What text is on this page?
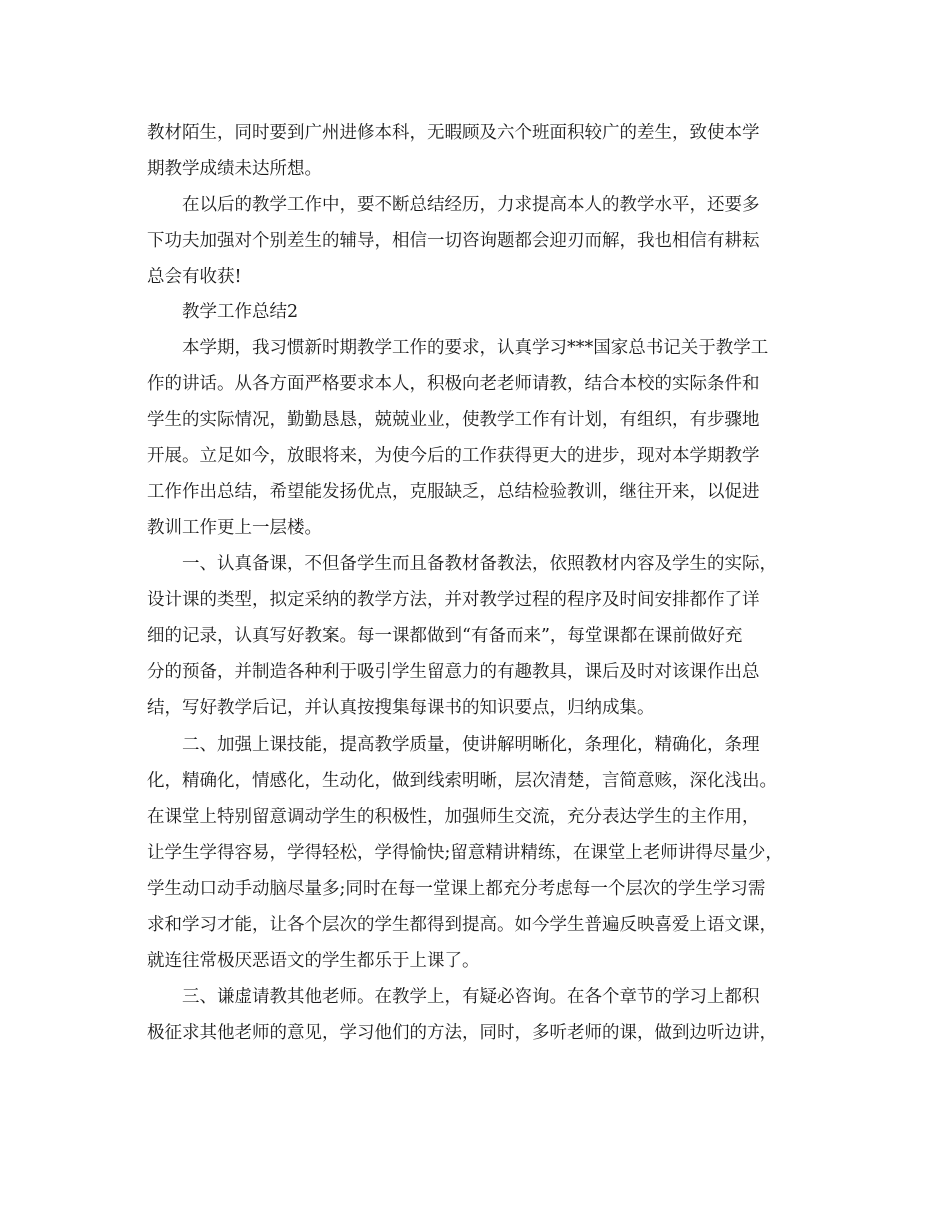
教材陌生，同时要到广州进修本科，无暇顾及六个班面积较广的差生，致使本学
期教学成绩未达所想。
在以后的教学工作中，要不断总结经历，力求提高本人的教学水平，还要多
下功夫加强对个别差生的辅导，相信一切咨询题都会迎刃而解，我也相信有耕耘
总会有收获!
教学工作总结2
本学期，我习惯新时期教学工作的要求，认真学习***国家总书记关于教学工
作的讲话。从各方面严格要求本人，积极向老老师请教，结合本校的实际条件和
学生的实际情况，勤勤恳恳，兢兢业业，使教学工作有计划，有组织，有步骤地
开展。立足如今，放眼将来，为使今后的工作获得更大的进步，现对本学期教学
工作作出总结，希望能发扬优点，克服缺乏，总结检验教训，继往开来，以促进
教训工作更上一层楼。
一、认真备课，不但备学生而且备教材备教法，依照教材内容及学生的实际，
设计课的类型，拟定采纳的教学方法，并对教学过程的程序及时间安排都作了详
细的记录，认真写好教案。每一课都做到“有备而来”，每堂课都在课前做好充
分的预备，并制造各种利于吸引学生留意力的有趣教具，课后及时对该课作出总
结，写好教学后记，并认真按搜集每课书的知识要点，归纳成集。
二、加强上课技能，提高教学质量，使讲解明晰化，条理化，精确化，条理
化，精确化，情感化，生动化，做到线索明晰，层次清楚，言简意赅，深化浅出。
在课堂上特别留意调动学生的积极性，加强师生交流，充分表达学生的主作用，
让学生学得容易，学得轻松，学得愉快;留意精讲精练，在课堂上老师讲得尽量少，
学生动口动手动脑尽量多;同时在每一堂课上都充分考虑每一个层次的学生学习需
求和学习才能，让各个层次的学生都得到提高。如今学生普遍反映喜爱上语文课，
就连往常极厌恶语文的学生都乐于上课了。
三、谦虚请教其他老师。在教学上，有疑必咨询。在各个章节的学习上都积
极征求其他老师的意见，学习他们的方法，同时，多听老师的课，做到边听边讲，
